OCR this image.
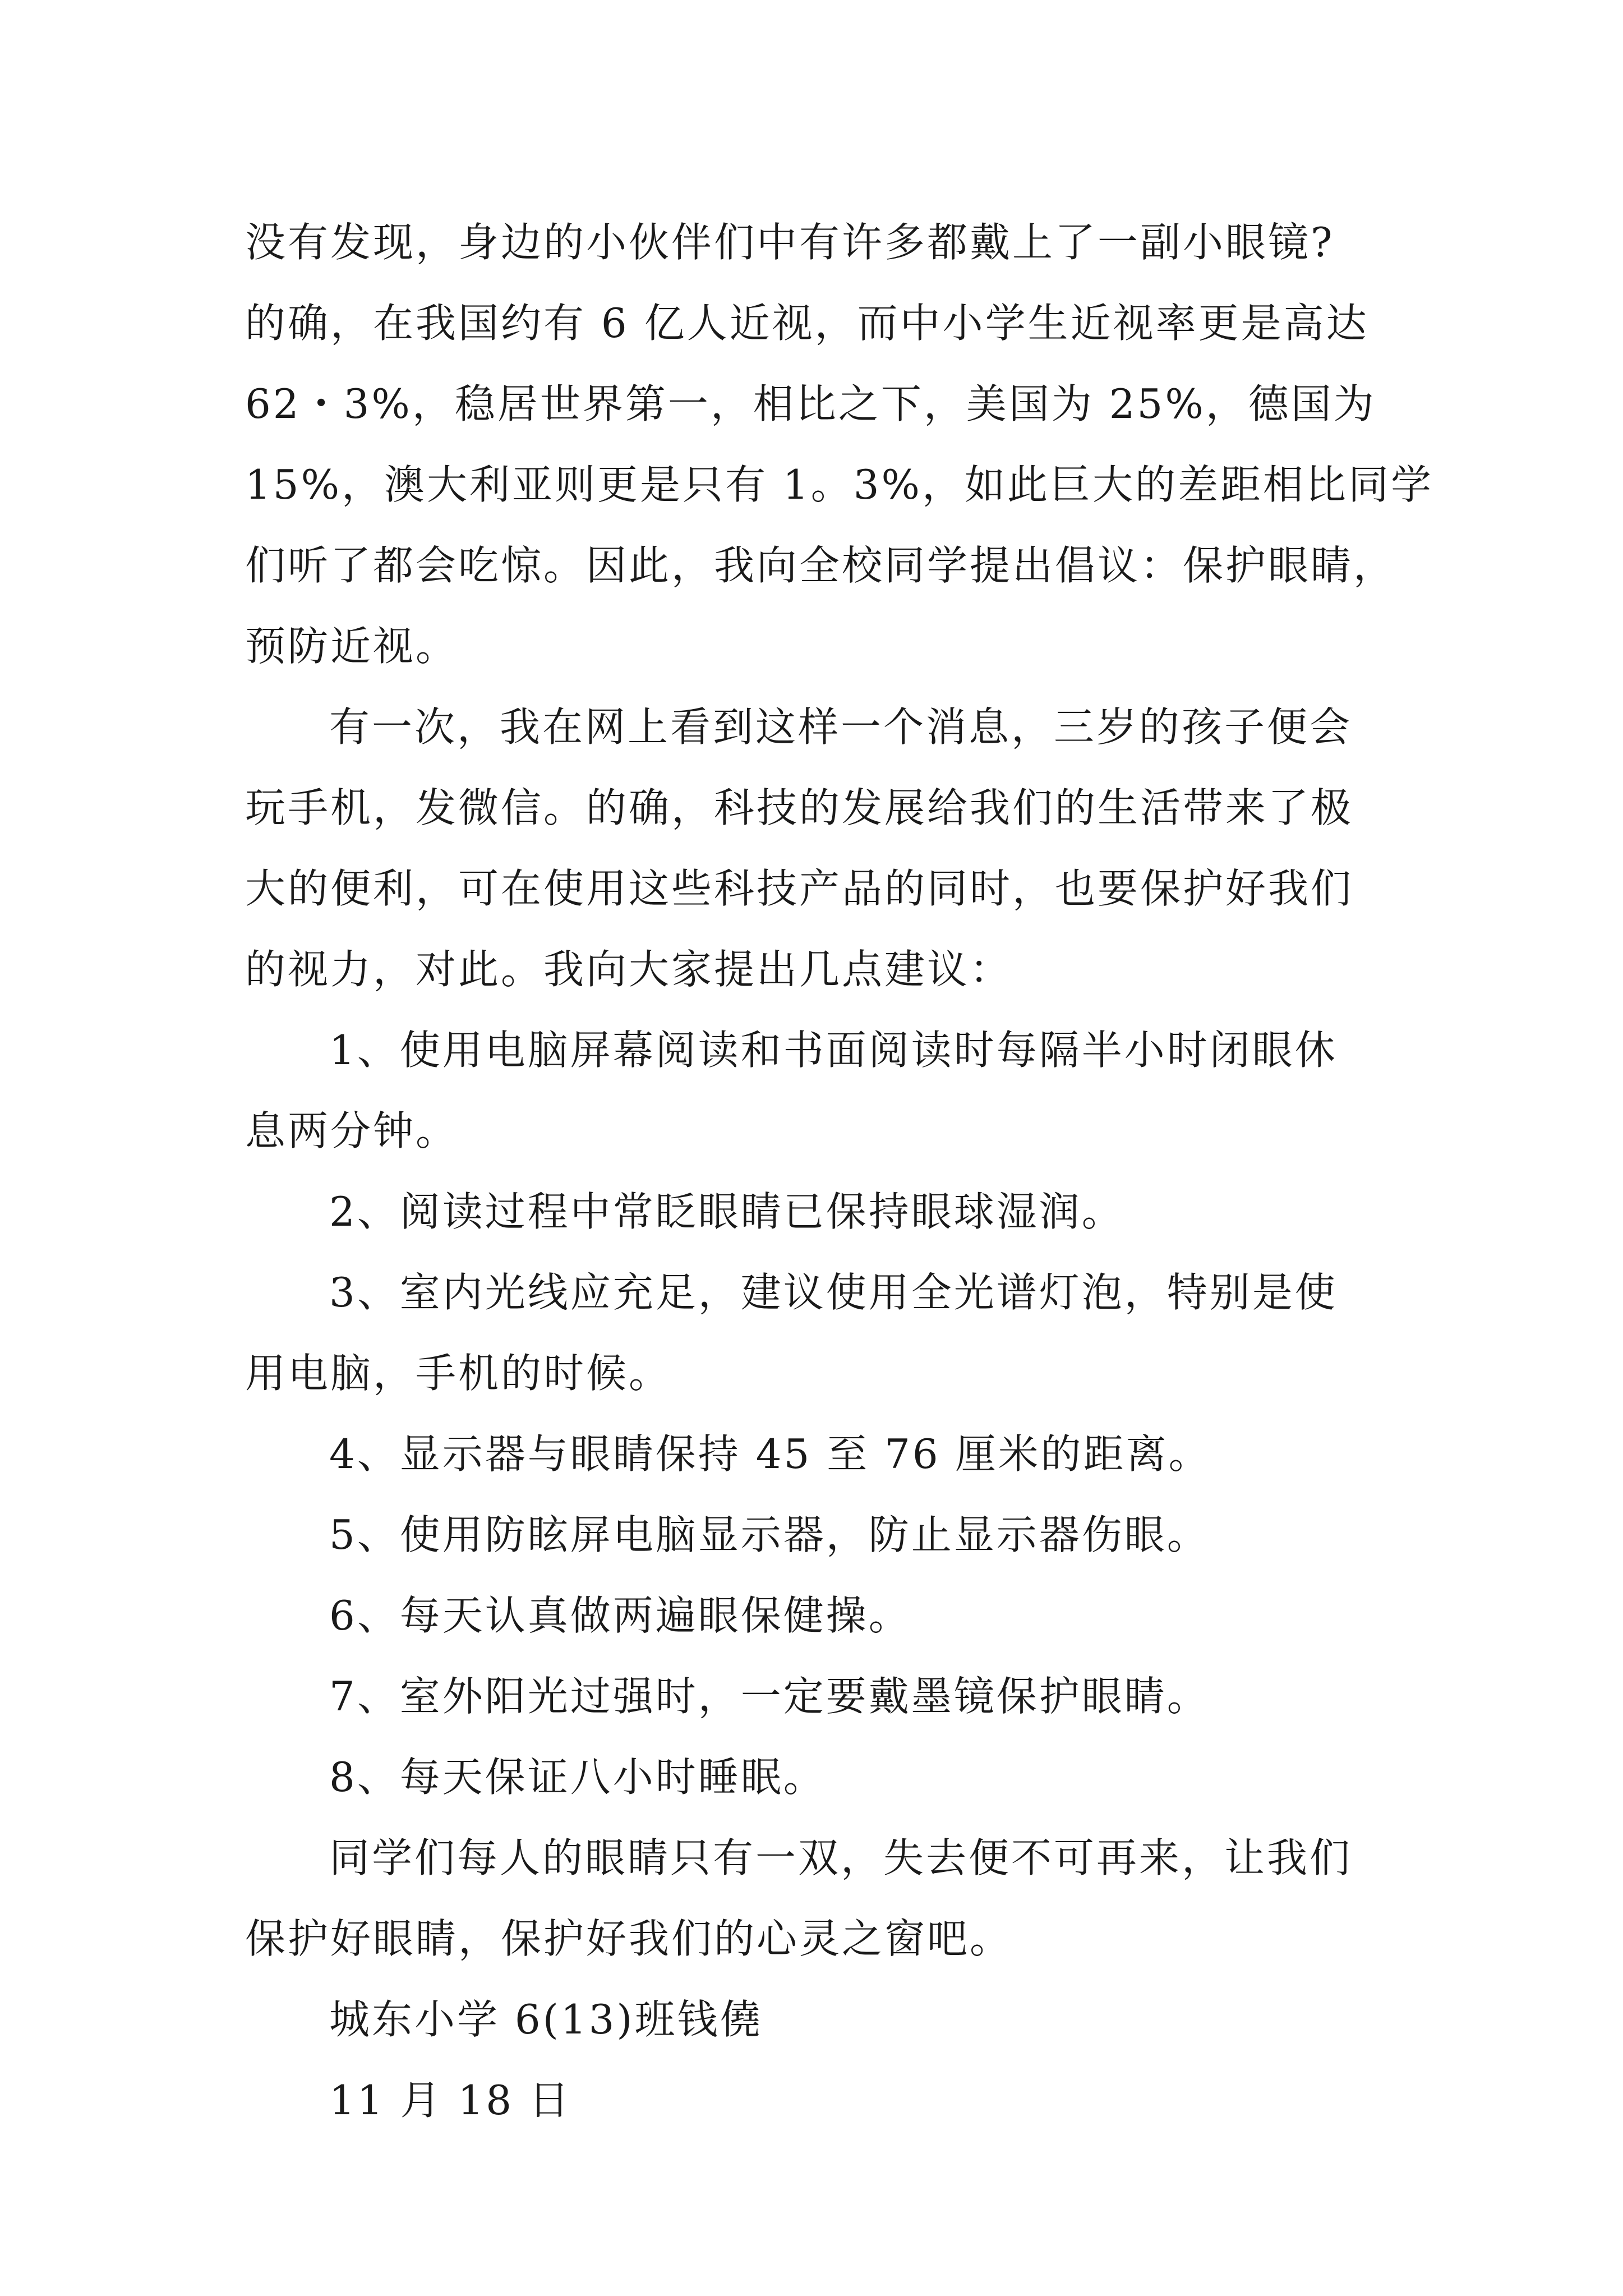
没有发现，身边的小伙伴们中有许多都戴上了一副小眼镜?
的确，在我国约有 6 亿人近视，而中小学生近视率更是高达
62・3%，稳居世界第一，相比之下，美国为 25%，德国为
15%，澳大利亚则更是只有 1。3%，如此巨大的差距相比同学
们听了都会吃惊。因此，我向全校同学提出倡议：保护眼睛，
预防近视。

有一次，我在网上看到这样一个消息，三岁的孩子便会
玩手机，发微信。的确，科技的发展给我们的生活带来了极
大的便利，可在使用这些科技产品的同时，也要保护好我们
的视力，对此。我向大家提出几点建议：

1、使用电脑屏幕阅读和书面阅读时每隔半小时闭眼休
息两分钟。

2、阅读过程中常眨眼睛已保持眼球湿润。

3、室内光线应充足，建议使用全光谱灯泡，特别是使
用电脑，手机的时候。

4、显示器与眼睛保持 45 至 76 厘米的距离。

5、使用防眩屏电脑显示器，防止显示器伤眼。

6、每天认真做两遍眼保健操。

7、室外阳光过强时，一定要戴墨镜保护眼睛。

8、每天保证八小时睡眠。

同学们每人的眼睛只有一双，失去便不可再来，让我们
保护好眼睛，保护好我们的心灵之窗吧。

城东小学 6(13)班钱僥

11 月 18 日
